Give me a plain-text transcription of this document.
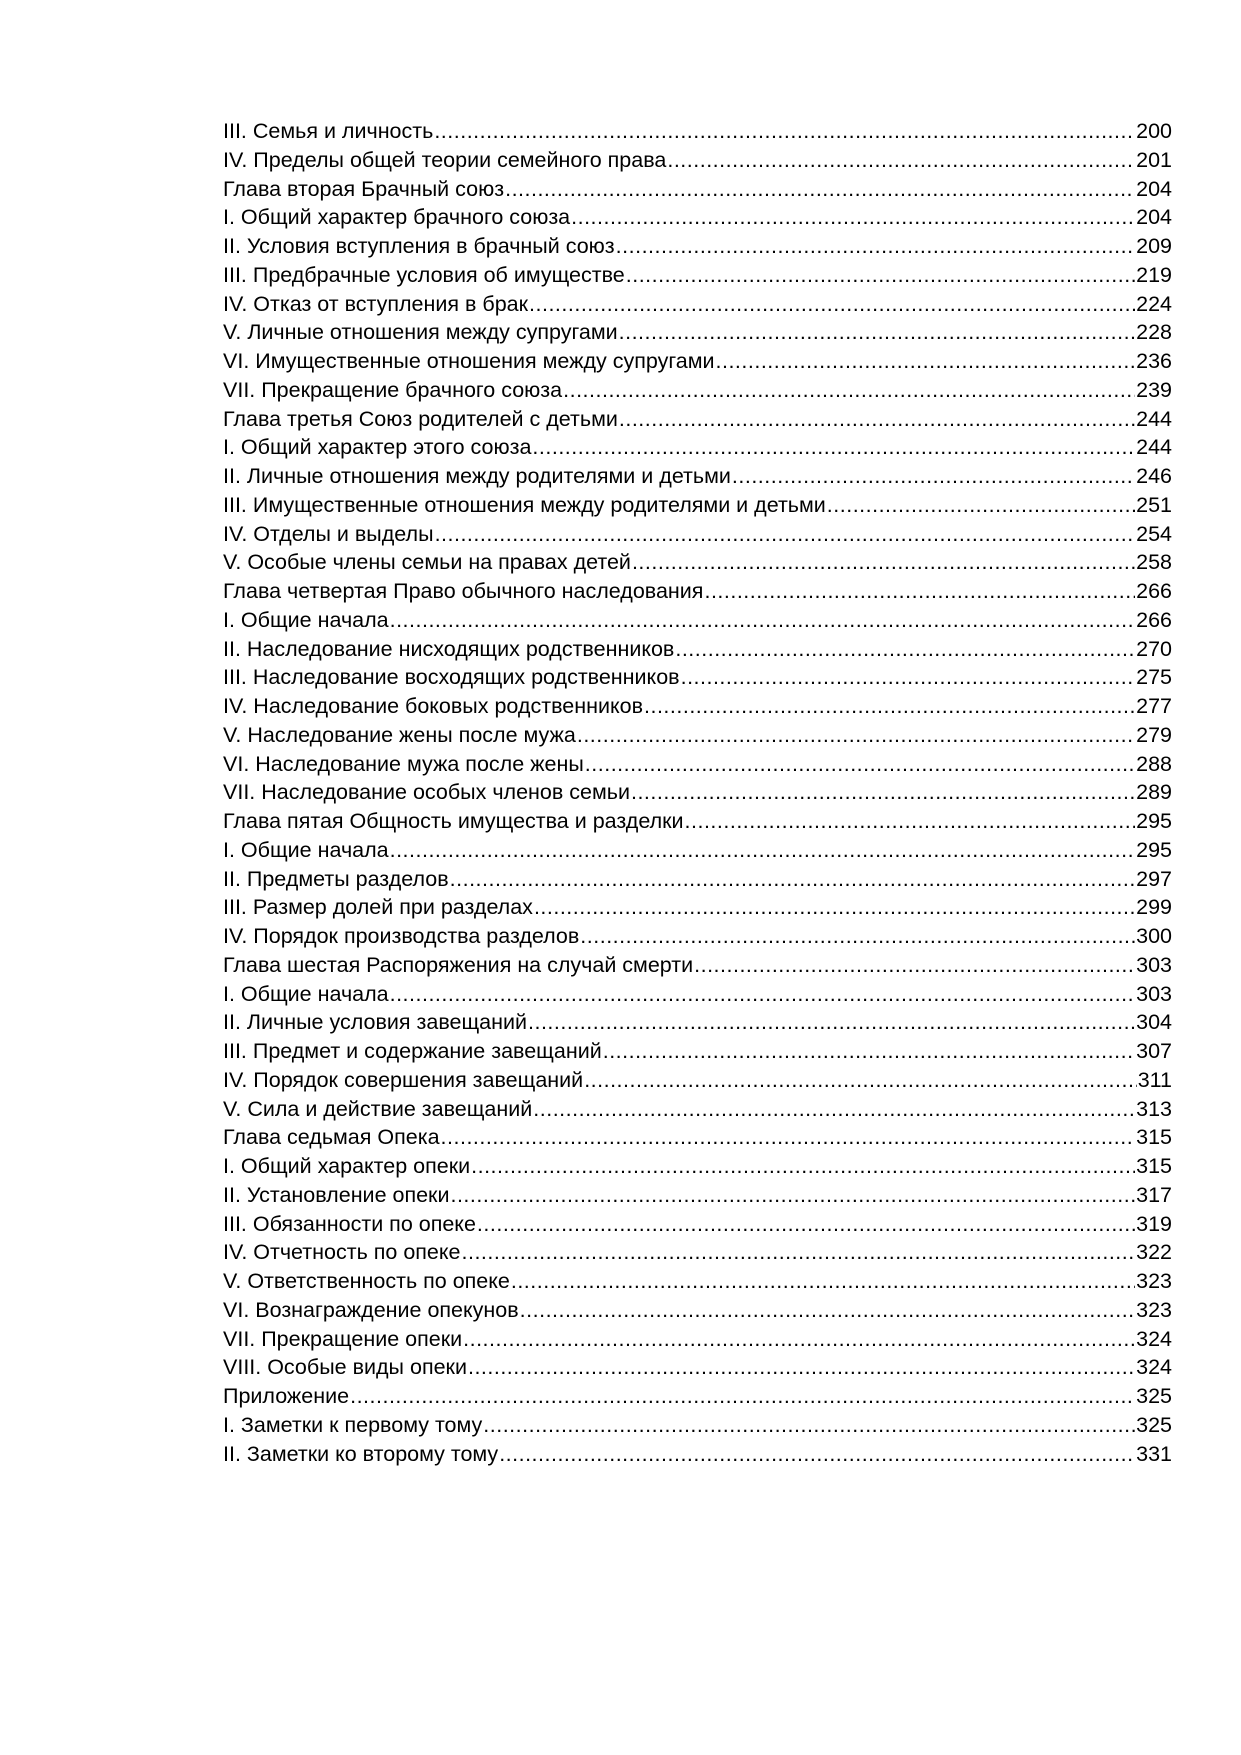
III. Семья и личность .....	200
IV. Пределы общей теории семейного права .....	201
Глава вторая Брачный союз .....	204
I. Общий характер брачного союза .....	204
II. Условия вступления в брачный союз .....	209
III. Предбрачные условия об имуществе .....	219
IV. Отказ от вступления в брак .....	224
V. Личные отношения между супругами .....	228
VI. Имущественные отношения между супругами .....	236
VII. Прекращение брачного союза .....	239
Глава третья Союз родителей с детьми .....	244
I. Общий характер этого союза .....	244
II. Личные отношения между родителями и детьми .....	246
III. Имущественные отношения между родителями и детьми .....	251
IV. Отделы и выделы .....	254
V. Особые члены семьи на правах детей .....	258
Глава четвертая Право обычного наследования .....	266
I. Общие начала .....	266
II. Наследование нисходящих родственников .....	270
III. Наследование восходящих родственников .....	275
IV. Наследование боковых родственников .....	277
V. Наследование жены после мужа .....	279
VI. Наследование мужа после жены .....	288
VII. Наследование особых членов семьи .....	289
Глава пятая Общность имущества и разделки .....	295
I. Общие начала .....	295
II. Предметы разделов .....	297
III. Размер долей при разделах .....	299
IV. Порядок производства разделов .....	300
Глава шестая Распоряжения на случай смерти .....	303
I. Общие начала .....	303
II. Личные условия завещаний .....	304
III. Предмет и содержание завещаний .....	307
IV. Порядок совершения завещаний .....	311
V. Сила и действие завещаний .....	313
Глава седьмая Опека .....	315
I. Общий характер опеки .....	315
II. Установление опеки .....	317
III. Обязанности по опеке .....	319
IV. Отчетность по опеке .....	322
V. Ответственность по опеке .....	323
VI. Вознаграждение опекунов .....	323
VII. Прекращение опеки .....	324
VIII. Особые виды опеки .....	324
Приложение .....	325
I. Заметки к первому тому .....	325
II. Заметки ко второму тому .....	331
